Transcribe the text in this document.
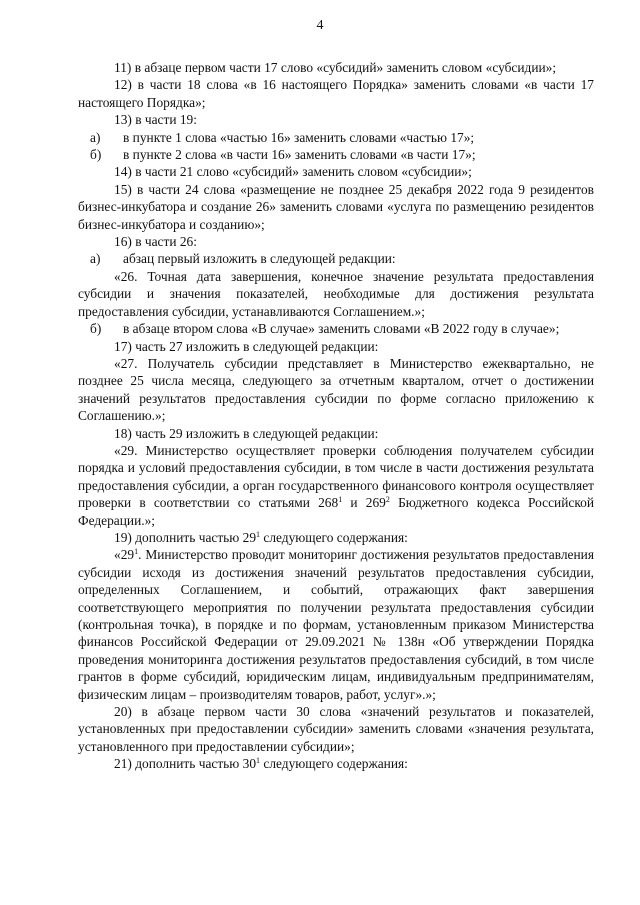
4

11) в абзаце первом части 17 слово «субсидий» заменить словом «субсидии»;

12) в части 18 слова «в 16 настоящего Порядка» заменить словами «в части 17 настоящего Порядка»;

13) в части 19:

а) в пункте 1 слова «частью 16» заменить словами «частью 17»;

б) в пункте 2 слова «в части 16» заменить словами «в части 17»;

14) в части 21 слово «субсидий» заменить словом «субсидии»;

15) в части 24 слова «размещение не позднее 25 декабря 2022 года 9 резидентов бизнес-инкубатора и создание 26» заменить словами «услуга по размещению резидентов бизнес-инкубатора и созданию»;

16) в части 26:

а) абзац первый изложить в следующей редакции:

«26. Точная дата завершения, конечное значение результата предоставления субсидии и значения показателей, необходимые для достижения результата предоставления субсидии, устанавливаются Соглашением.»;

б) в абзаце втором слова «В случае» заменить словами «В 2022 году в случае»;

17) часть 27 изложить в следующей редакции:

«27. Получатель субсидии представляет в Министерство ежеквартально, не позднее 25 числа месяца, следующего за отчетным кварталом, отчет о достижении значений результатов предоставления субсидии по форме согласно приложению к Соглашению.»;

18) часть 29 изложить в следующей редакции:

«29. Министерство осуществляет проверки соблюдения получателем субсидии порядка и условий предоставления субсидии, в том числе в части достижения результата предоставления субсидии, а орган государственного финансового контроля осуществляет проверки в соответствии со статьями $268^1$ и $269^2$ Бюджетного кодекса Российской Федерации.»;

19) дополнить частью $29^1$ следующего содержания:

«$29^1$. Министерство проводит мониторинг достижения результатов предоставления субсидии исходя из достижения значений результатов предоставления субсидии, определенных Соглашением, и событий, отражающих факт завершения соответствующего мероприятия по получении результата предоставления субсидии (контрольная точка), в порядке и по формам, установленным приказом Министерства финансов Российской Федерации от 29.09.2021 № 138н «Об утверждении Порядка проведения мониторинга достижения результатов предоставления субсидий, в том числе грантов в форме субсидий, юридическим лицам, индивидуальным предпринимателям, физическим лицам – производителям товаров, работ, услуг».»;

20) в абзаце первом части 30 слова «значений результатов и показателей, установленных при предоставлении субсидии» заменить словами «значения результата, установленного при предоставлении субсидии»;

21) дополнить частью $30^1$ следующего содержания:
